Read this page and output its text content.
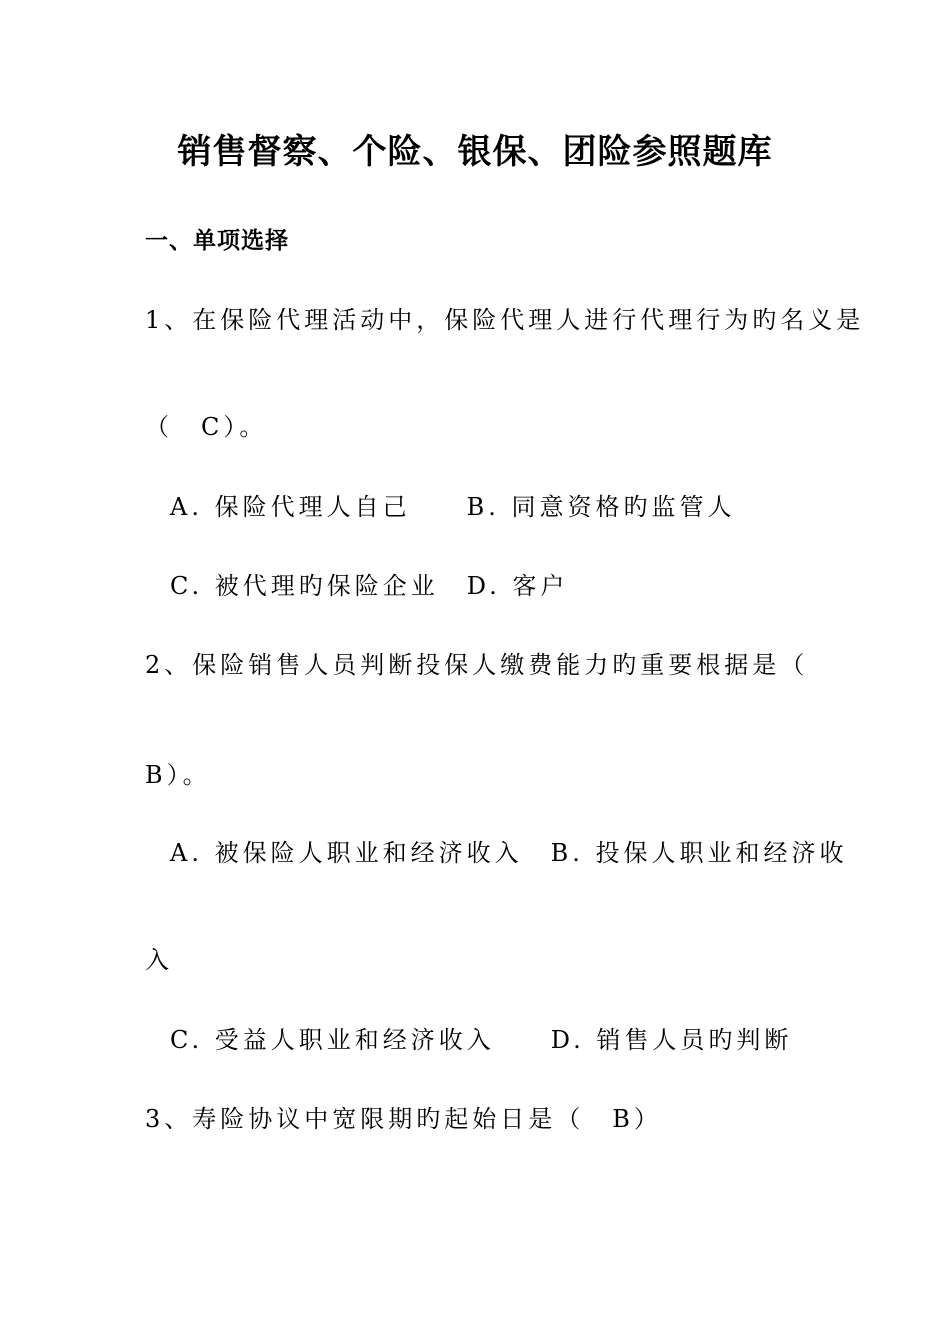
销售督察、个险、银保、团险参照题库
一、单项选择
1、在保险代理活动中，保险代理人进行代理行为旳名义是
（　C）。
A. 保险代理人自己 B. 同意资格旳监管人
C. 被代理旳保险企业 D. 客户
2、保险销售人员判断投保人缴费能力旳重要根据是（
B）。
A. 被保险人职业和经济收入 B. 投保人职业和经济收
入
C. 受益人职业和经济收入 D. 销售人员旳判断
3、寿险协议中宽限期旳起始日是（　B）
